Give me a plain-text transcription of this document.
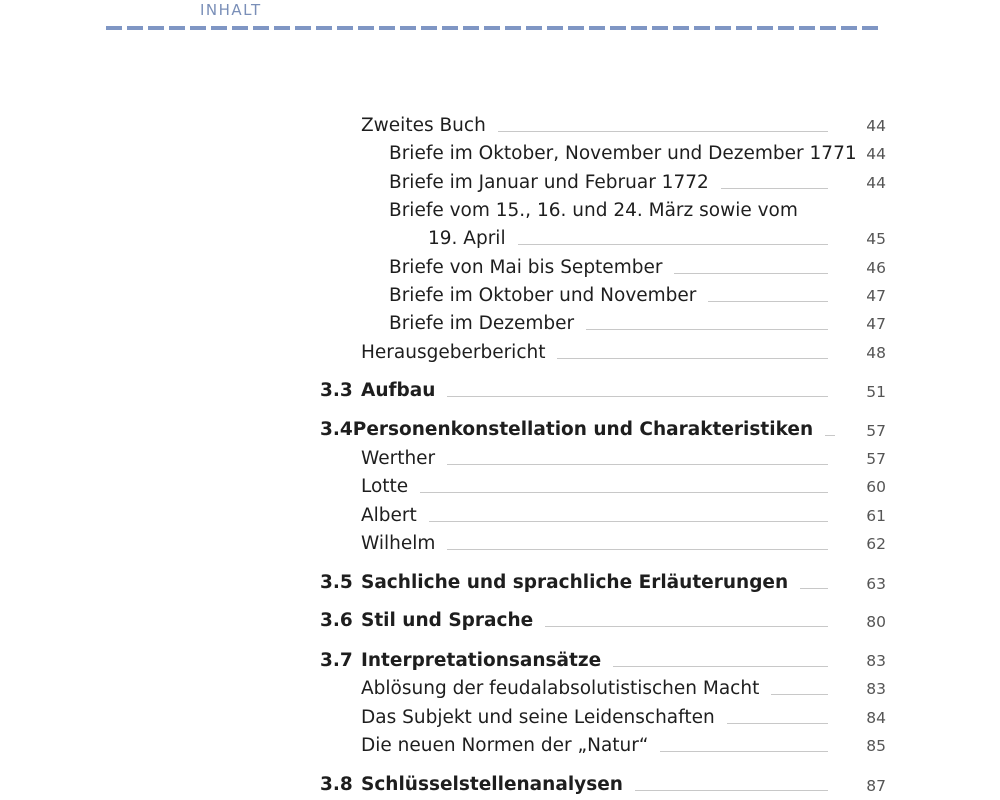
INHALT
Zweites Buch	44
Briefe im Oktober, November und Dezember 1771 44
Briefe im Januar und Februar 1772	44
Briefe vom 15., 16. und 24. März sowie vom
19. April	45
Briefe von Mai bis September	46
Briefe im Oktober und November	47
Briefe im Dezember	47
Herausgeberbericht	48
3.3 Aufbau	51
3.4 Personenkonstellation und Charakteristiken	57
Werther	57
Lotte	60
Albert	61
Wilhelm	62
3.5 Sachliche und sprachliche Erläuterungen	63
3.6 Stil und Sprache	80
3.7 Interpretationsansätze	83
Ablösung der feudalabsolutistischen Macht	83
Das Subjekt und seine Leidenschaften	84
Die neuen Normen der „Natur“	85
3.8 Schlüsselstellenanalysen	87
